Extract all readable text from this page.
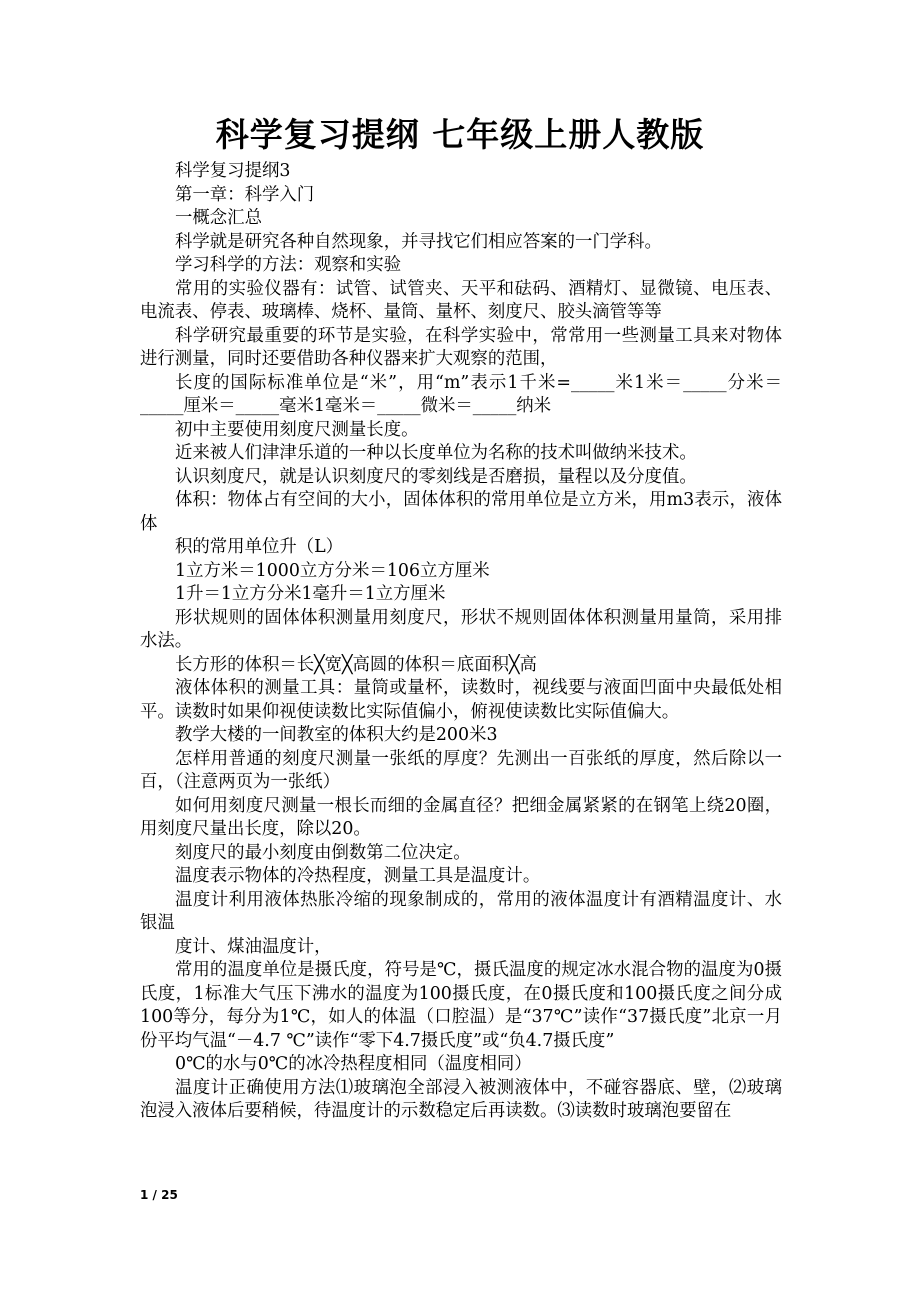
科学复习提纲 七年级上册人教版

科学复习提纲3

第一章：科学入门

一概念汇总

科学就是研究各种自然现象，并寻找它们相应答案的一门学科。

学习科学的方法：观察和实验

常用的实验仪器有：试管、试管夹、天平和砝码、酒精灯、显微镜、电压表、电流表、停表、玻璃棒、烧杯、量筒、量杯、刻度尺、胶头滴管等等

科学研究最重要的环节是实验，在科学实验中，常常用一些测量工具来对物体进行测量，同时还要借助各种仪器来扩大观察的范围，

长度的国际标准单位是“米”，用“m”表示1千米=_____米1米＝_____分米＝_____厘米＝_____毫米1毫米＝_____微米＝_____纳米

初中主要使用刻度尺测量长度。

近来被人们津津乐道的一种以长度单位为名称的技术叫做纳米技术。

认识刻度尺，就是认识刻度尺的零刻线是否磨损，量程以及分度值。

体积：物体占有空间的大小，固体体积的常用单位是立方米，用m3表示，液体体

积的常用单位升（L）

1立方米＝1000立方分米＝106立方厘米

1升＝1立方分米1毫升＝1立方厘米

形状规则的固体体积测量用刻度尺，形状不规则固体体积测量用量筒，采用排水法。

长方形的体积＝长╳宽╳高圆的体积＝底面积╳高

液体体积的测量工具：量筒或量杯，读数时，视线要与液面凹面中央最低处相平。读数时如果仰视使读数比实际值偏小，俯视使读数比实际值偏大。

教学大楼的一间教室的体积大约是200米3

怎样用普通的刻度尺测量一张纸的厚度？先测出一百张纸的厚度，然后除以一百，（注意两页为一张纸）

如何用刻度尺测量一根长而细的金属直径？把细金属紧紧的在钢笔上绕20圈，用刻度尺量出长度，除以20。

刻度尺的最小刻度由倒数第二位决定。

温度表示物体的冷热程度，测量工具是温度计。

温度计利用液体热胀冷缩的现象制成的，常用的液体温度计有酒精温度计、水银温

度计、煤油温度计，

常用的温度单位是摄氏度，符号是℃，摄氏温度的规定冰水混合物的温度为0摄氏度，1标准大气压下沸水的温度为100摄氏度，在0摄氏度和100摄氏度之间分成100等分，每分为1℃，如人的体温（口腔温）是“37℃”读作“37摄氏度”北京一月份平均气温“－4.7 ℃”读作“零下4.7摄氏度”或“负4.7摄氏度”

0℃的水与0℃的冰冷热程度相同（温度相同）

温度计正确使用方法⑴玻璃泡全部浸入被测液体中，不碰容器底、壁，⑵玻璃泡浸入液体后要稍候，待温度计的示数稳定后再读数。⑶读数时玻璃泡要留在

1 / 25
